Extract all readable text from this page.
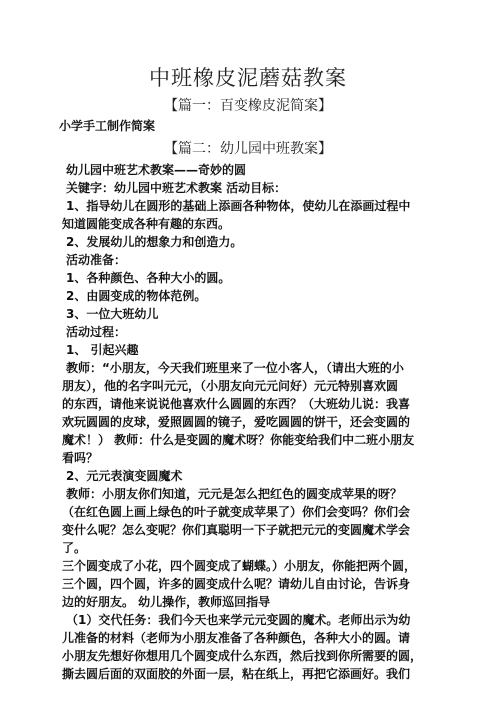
中班橡皮泥蘑菇教案
【篇一：百变橡皮泥简案】
小学手工制作简案
【篇二：幼儿园中班教案】
幼儿园中班艺术教案——奇妙的圆
关键字：幼儿园中班艺术教案 活动目标：
1、指导幼儿在圆形的基础上添画各种物体，使幼儿在添画过程中
知道圆能变成各种有趣的东西。
2、发展幼儿的想象力和创造力。
活动准备：
1、各种颜色、各种大小的圆。
2、由圆变成的物体范例。
3、一位大班幼儿
活动过程：
1、 引起兴趣
教师：“小朋友，今天我们班里来了一位小客人，（请出大班的小
朋友），他的名字叫元元，（小朋友向元元问好）元元特别喜欢圆
的东西，请他来说说他喜欢什么圆圆的东西？（大班幼儿说：我喜
欢玩圆圆的皮球，爱照圆圆的镜子，爱吃圆圆的饼干，还会变圆的
魔术！） 教师：什么是变圆的魔术呀？你能变给我们中二班小朋友
看吗？
2、元元表演变圆魔术
教师：小朋友你们知道，元元是怎么把红色的圆变成苹果的呀？
（在红色圆上画上绿色的叶子就变成苹果了）你们会变吗？你们会
变什么呢？怎么变呢？你们真聪明一下子就把元元的变圆魔术学会
了。
三个圆变成了小花，四个圆变成了蝴蝶。）小朋友，你能把两个圆，
三个圆，四个圆，许多的圆变成什么呢？请幼儿自由讨论，告诉身
边的好朋友。 幼儿操作，教师巡回指导
（1）交代任务：我们今天也来学元元变圆的魔术。老师出示为幼
儿准备的材料（老师为小朋友准备了各种颜色，各种大小的圆。请
小朋友先想好你想用几个圆变成什么东西，然后找到你所需要的圆，
撕去圆后面的双面胶的外面一层，粘在纸上，再把它添画好。我们
